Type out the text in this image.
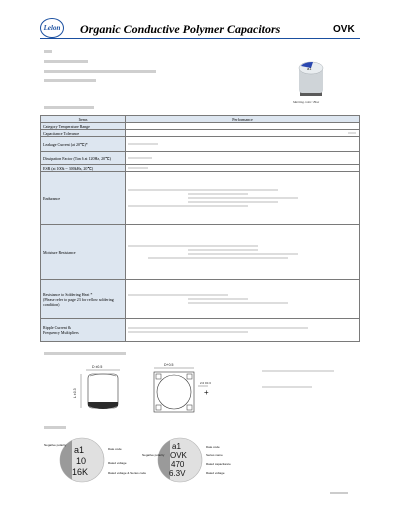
Lelon	Organic Conductive Polymer Capacitors	OVK
a1
Marking color: Blue
Items	Performance
Category Temperature Range	
Capacitance Tolerance	

Leakage Current (at 20℃)*	

Dissipation Factor (Tan δ at 120Hz, 20℃)	

ESR (at 100k ~ 300kHz, 20℃)	

Endurance	

Moisture Resistance	

Resistance to Soldering Heat *
(Please refer to page 23 for reflow soldering condition)	

Ripple Current &
Frequency Multipliers	

D ±0.5
L ±0.3
D+0.5
2.0 ±0.3
+
a1
10
16K
Negative polarity
Date code
Rated voltage
Rated voltage & Series code
a1
OVK
470
6.3V
Negative polarity
Date code
Series name
Rated capacitance
Rated voltage
